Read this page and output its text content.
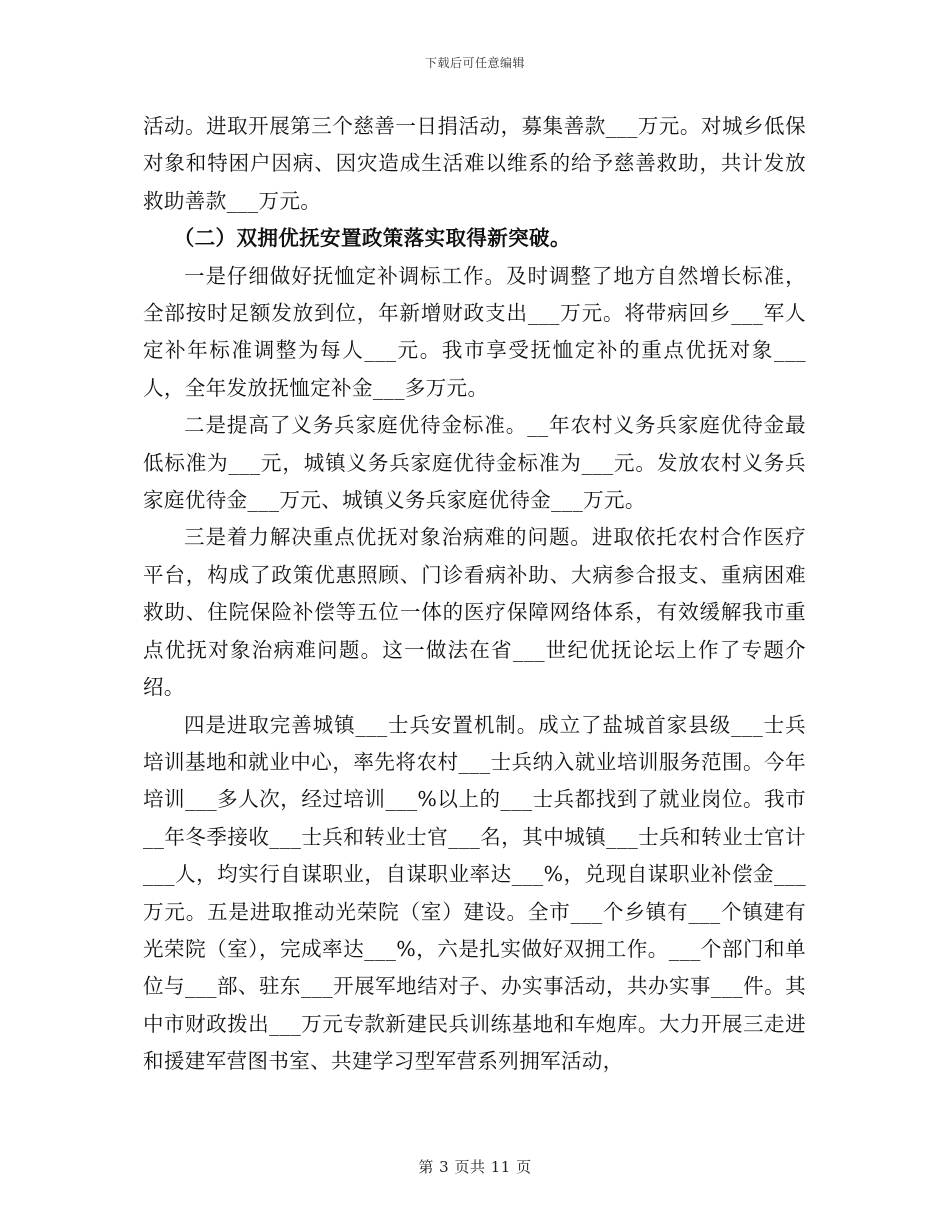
下载后可任意编辑

活动。进取开展第三个慈善一日捐活动，募集善款___万元。对城乡低保对象和特困户因病、因灾造成生活难以维系的给予慈善救助，共计发放救助善款___万元。

（二）双拥优抚安置政策落实取得新突破。

一是仔细做好抚恤定补调标工作。及时调整了地方自然增长标准，全部按时足额发放到位，年新增财政支出___万元。将带病回乡___军人定补年标准调整为每人___元。我市享受抚恤定补的重点优抚对象___人，全年发放抚恤定补金___多万元。

二是提高了义务兵家庭优待金标准。__年农村义务兵家庭优待金最低标准为___元，城镇义务兵家庭优待金标准为___元。发放农村义务兵家庭优待金___万元、城镇义务兵家庭优待金___万元。

三是着力解决重点优抚对象治病难的问题。进取依托农村合作医疗平台，构成了政策优惠照顾、门诊看病补助、大病参合报支、重病困难救助、住院保险补偿等五位一体的医疗保障网络体系，有效缓解我市重点优抚对象治病难问题。这一做法在省___世纪优抚论坛上作了专题介绍。

四是进取完善城镇___士兵安置机制。成立了盐城首家县级___士兵培训基地和就业中心，率先将农村___士兵纳入就业培训服务范围。今年培训___多人次，经过培训___%以上的___士兵都找到了就业岗位。我市__年冬季接收___士兵和转业士官___名，其中城镇___士兵和转业士官计___人，均实行自谋职业，自谋职业率达___%，兑现自谋职业补偿金___万元。五是进取推动光荣院（室）建设。全市___个乡镇有___个镇建有光荣院（室），完成率达___%，六是扎实做好双拥工作。___个部门和单位与___部、驻东___开展军地结对子、办实事活动，共办实事___件。其中市财政拨出___万元专款新建民兵训练基地和车炮库。大力开展三走进和援建军营图书室、共建学习型军营系列拥军活动，

第 3 页共 11 页
